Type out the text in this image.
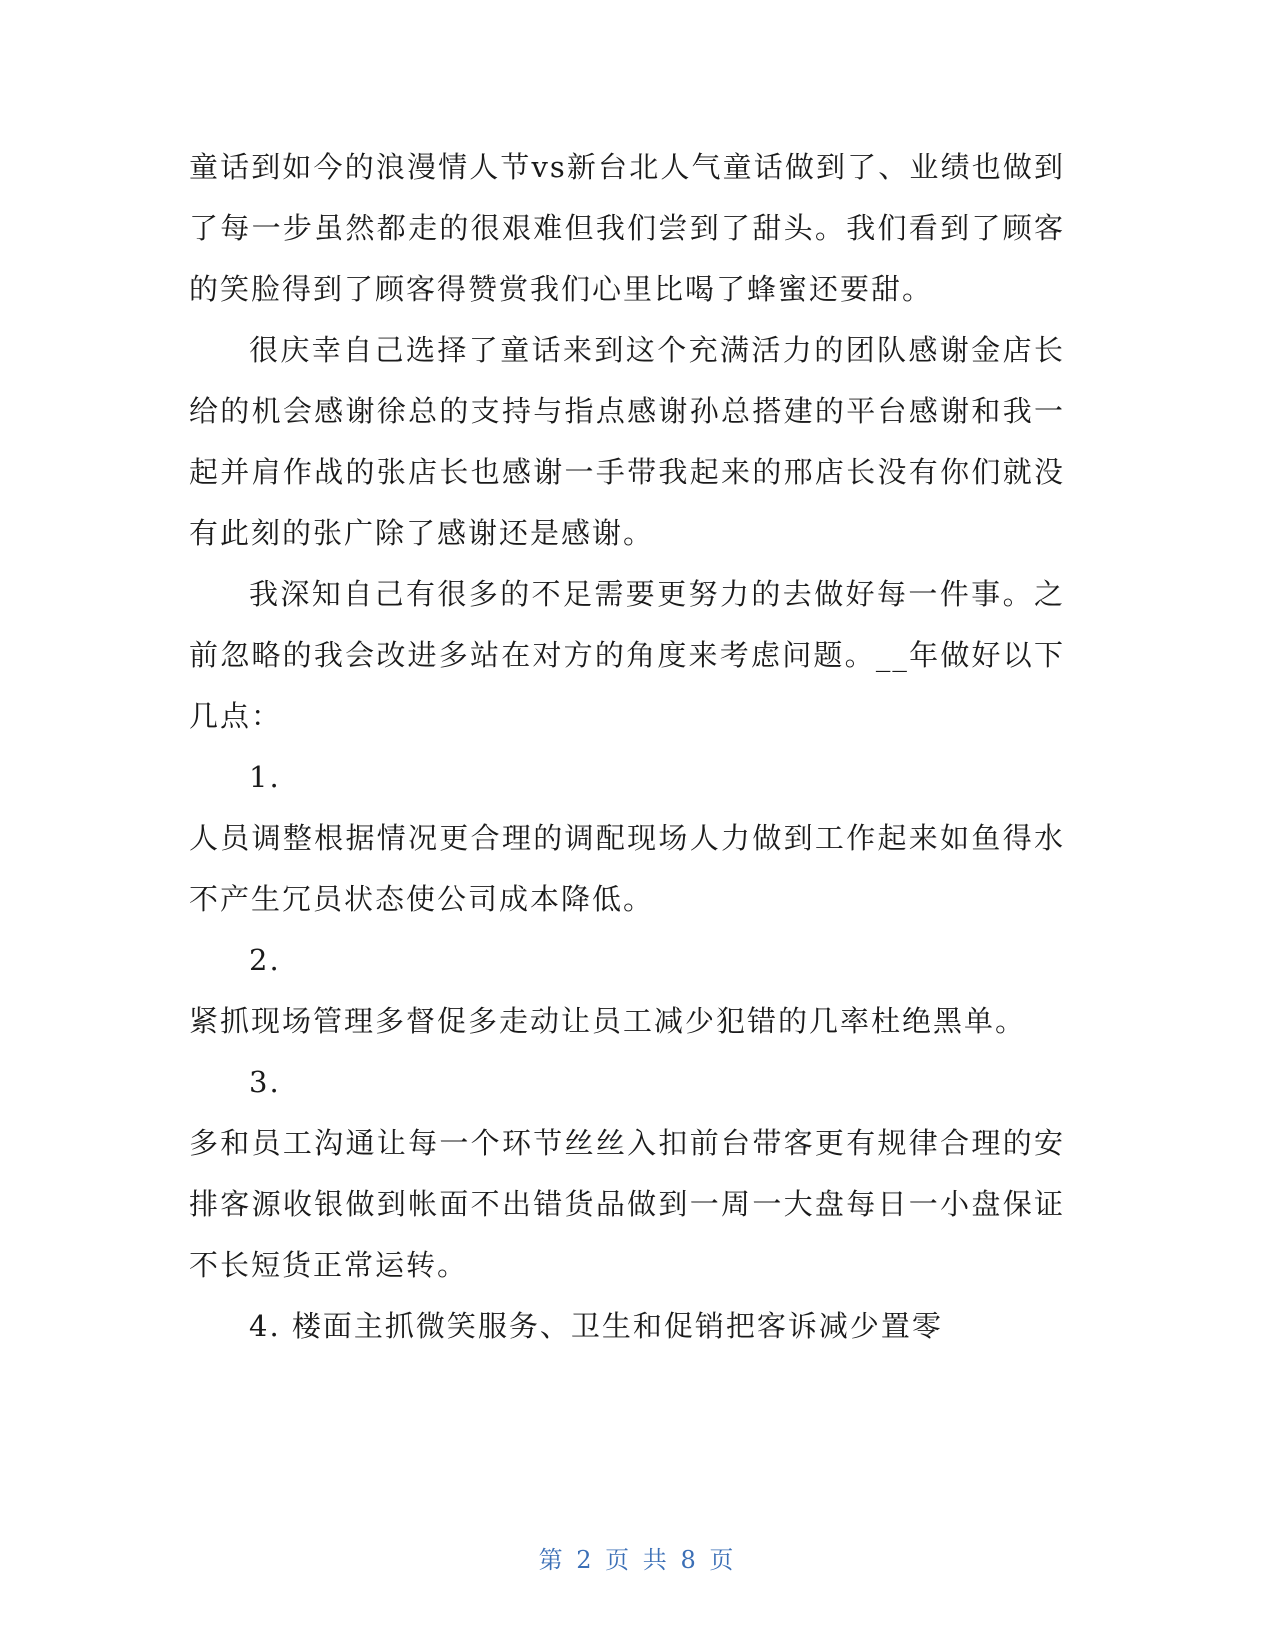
童话到如今的浪漫情人节vs新台北人气童话做到了、业绩也做到了每一步虽然都走的很艰难但我们尝到了甜头。我们看到了顾客的笑脸得到了顾客得赞赏我们心里比喝了蜂蜜还要甜。

很庆幸自己选择了童话来到这个充满活力的团队感谢金店长给的机会感谢徐总的支持与指点感谢孙总搭建的平台感谢和我一起并肩作战的张店长也感谢一手带我起来的邢店长没有你们就没有此刻的张广除了感谢还是感谢。

我深知自己有很多的不足需要更努力的去做好每一件事。之前忽略的我会改进多站在对方的角度来考虑问题。__年做好以下几点：

1.

人员调整根据情况更合理的调配现场人力做到工作起来如鱼得水不产生冗员状态使公司成本降低。

2.

紧抓现场管理多督促多走动让员工减少犯错的几率杜绝黑单。

3.

多和员工沟通让每一个环节丝丝入扣前台带客更有规律合理的安排客源收银做到帐面不出错货品做到一周一大盘每日一小盘保证不长短货正常运转。

4. 楼面主抓微笑服务、卫生和促销把客诉减少置零

第 2 页 共 8 页
